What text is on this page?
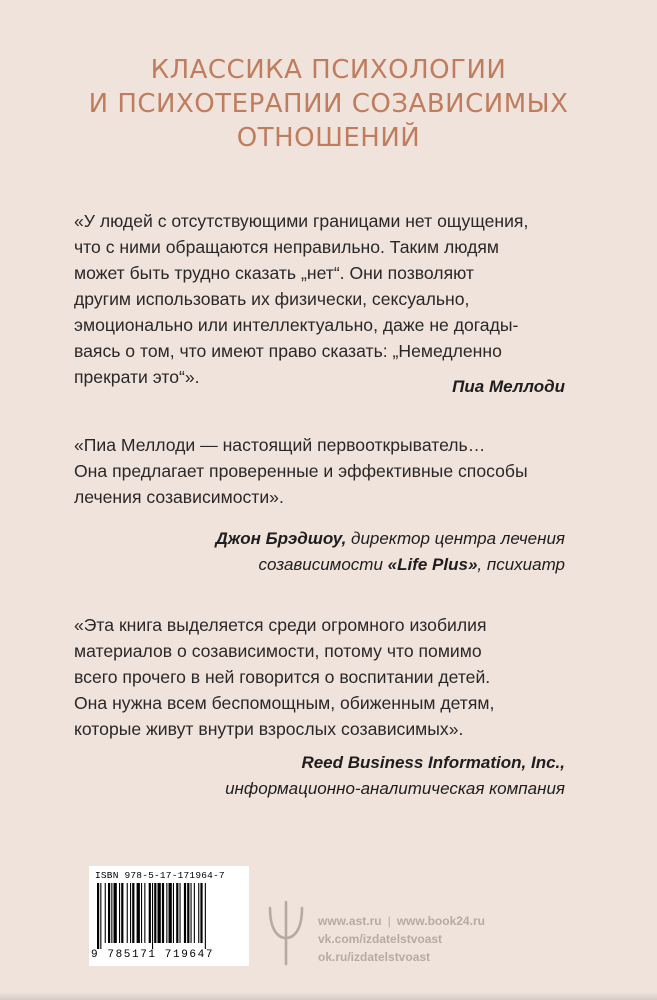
КЛАССИКА ПСИХОЛОГИИ
И ПСИХОТЕРАПИИ СОЗАВИСИМЫХ
ОТНОШЕНИЙ

«У людей с отсутствующими границами нет ощущения,
что с ними обращаются неправильно. Таким людям
может быть трудно сказать „нет“. Они позволяют
другим использовать их физически, сексуально,
эмоционально или интеллектуально, даже не догады-
ваясь о том, что имеют право сказать: „Немедленно
прекрати это“».	Пиа Меллоди

«Пиа Меллоди — настоящий первооткрыватель…
Она предлагает проверенные и эффективные способы
лечения созависимости».

Джон Брэдшоу, директор центра лечения
созависимости «Life Plus», психиатр

«Эта книга выделяется среди огромного изобилия
материалов о созависимости, потому что помимо
всего прочего в ней говорится о воспитании детей.
Она нужна всем беспомощным, обиженным детям,
которые живут внутри взрослых созависимых».

Reed Business Information, Inc.,
информационно-аналитическая компания

ISBN 978-5-17-171964-7
9 785171 719647
www.ast.ru | www.book24.ru
vk.com/izdatelstvoast
ok.ru/izdatelstvoast
